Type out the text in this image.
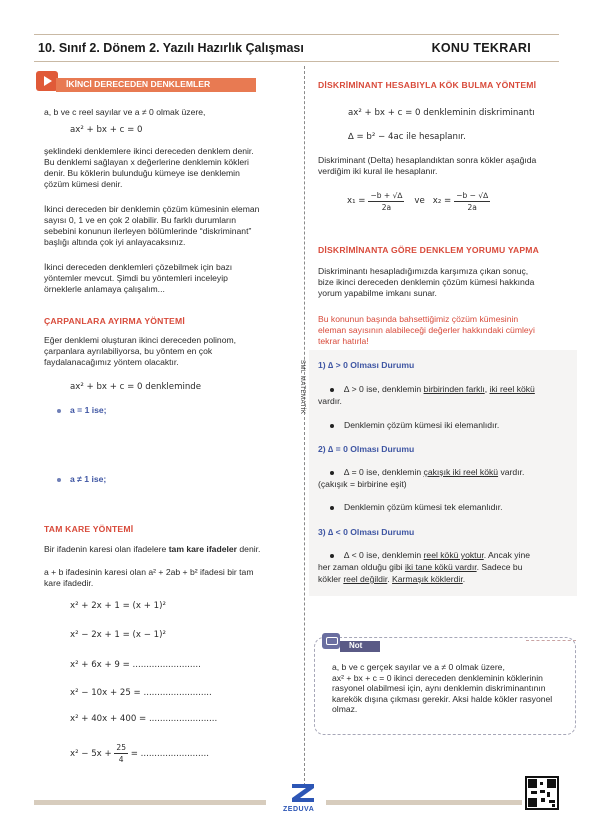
10. Sınıf 2. Dönem 2. Yazılı Hazırlık Çalışması	KONU TEKRARI
SML MATEMATİK
İKİNCİ DERECEDEN DENKLEMLER
a, b ve c reel sayılar ve a ≠ 0 olmak üzere,
ax² + bx + c = 0
şeklindeki denklemlere ikinci dereceden denklem denir.
Bu denklemi sağlayan x değerlerine denklemin kökleri
denir. Bu köklerin bulunduğu kümeye ise denklemin
çözüm kümesi denir.
İkinci dereceden bir denklemin çözüm kümesinin eleman
sayısı 0, 1 ve en çok 2 olabilir. Bu farklı durumların
sebebini konunun ilerleyen bölümlerinde “diskriminant”
başlığı altında çok iyi anlayacaksınız.
İkinci dereceden denklemleri çözebilmek için bazı
yöntemler mevcut. Şimdi bu yöntemleri inceleyip
örneklerle anlamaya çalışalım...
ÇARPANLARA AYIRMA YÖNTEMİ
Eğer denklemi oluşturan ikinci dereceden polinom,
çarpanlara ayrılabiliyorsa, bu yöntem en çok
faydalanacağımız yöntem olacaktır.
ax² + bx + c = 0 denkleminde
a = 1 ise;
a ≠ 1 ise;
TAM KARE YÖNTEMİ
Bir ifadenin karesi olan ifadelere tam kare ifadeler denir.
a + b ifadesinin karesi olan a² + 2ab + b² ifadesi bir tam
kare ifadedir.
x² + 2x + 1 = (x + 1)²
x² − 2x + 1 = (x − 1)²
x² + 6x + 9 = .........................
x² − 10x + 25 = .........................
x² + 40x + 400 = .........................
$x^2 - 5x + \frac{25}{4}$ = .........................
DİSKRİMİNANT HESABIYLA KÖK BULMA YÖNTEMİ
ax² + bx + c = 0 denkleminin diskriminantı
∆ = b² − 4ac ile hesaplanır.
Diskriminant (Delta) hesaplandıktan sonra kökler aşağıda
verdiğim iki kural ile hesaplanır.
$x_1 = \frac{-b + √\Delta}{2a}$ ve $x_2 = \frac{-b - √\Delta}{2a}$
DİSKRİMİNANTA GÖRE DENKLEM YORUMU YAPMA
Diskriminantı hesapladığımızda karşımıza çıkan sonuç,
bize ikinci dereceden denklemin çözüm kümesi hakkında
yorum yapabilme imkanı sunar.
Bu konunun başında bahsettiğimiz çözüm kümesinin
eleman sayısının alabileceği değerler hakkındaki cümleyi
tekrar hatırla!
1) ∆ > 0 Olması Durumu
∆ > 0 ise, denklemin birbirinden farklı, iki reel kökü
vardır.
Denklemin çözüm kümesi iki elemanlıdır.
2) ∆ = 0 Olması Durumu
∆ = 0 ise, denklemin çakışık iki reel kökü vardır.
(çakışık = birbirine eşit)
Denklemin çözüm kümesi tek elemanlıdır.
3) ∆ < 0 Olması Durumu
∆ < 0 ise, denklemin reel kökü yoktur. Ancak yine
her zaman olduğu gibi iki tane kökü vardır. Sadece bu
kökler reel değildir. Karmaşık köklerdir.
Not
a, b ve c gerçek sayılar ve a ≠ 0 olmak üzere,
ax² + bx + c = 0 ikinci dereceden denkleminin köklerinin
rasyonel olabilmesi için, aynı denklemin diskriminantının
karekök dışına çıkması gerekir. Aksi halde kökler rasyonel
olmaz.
ZEDUVA
